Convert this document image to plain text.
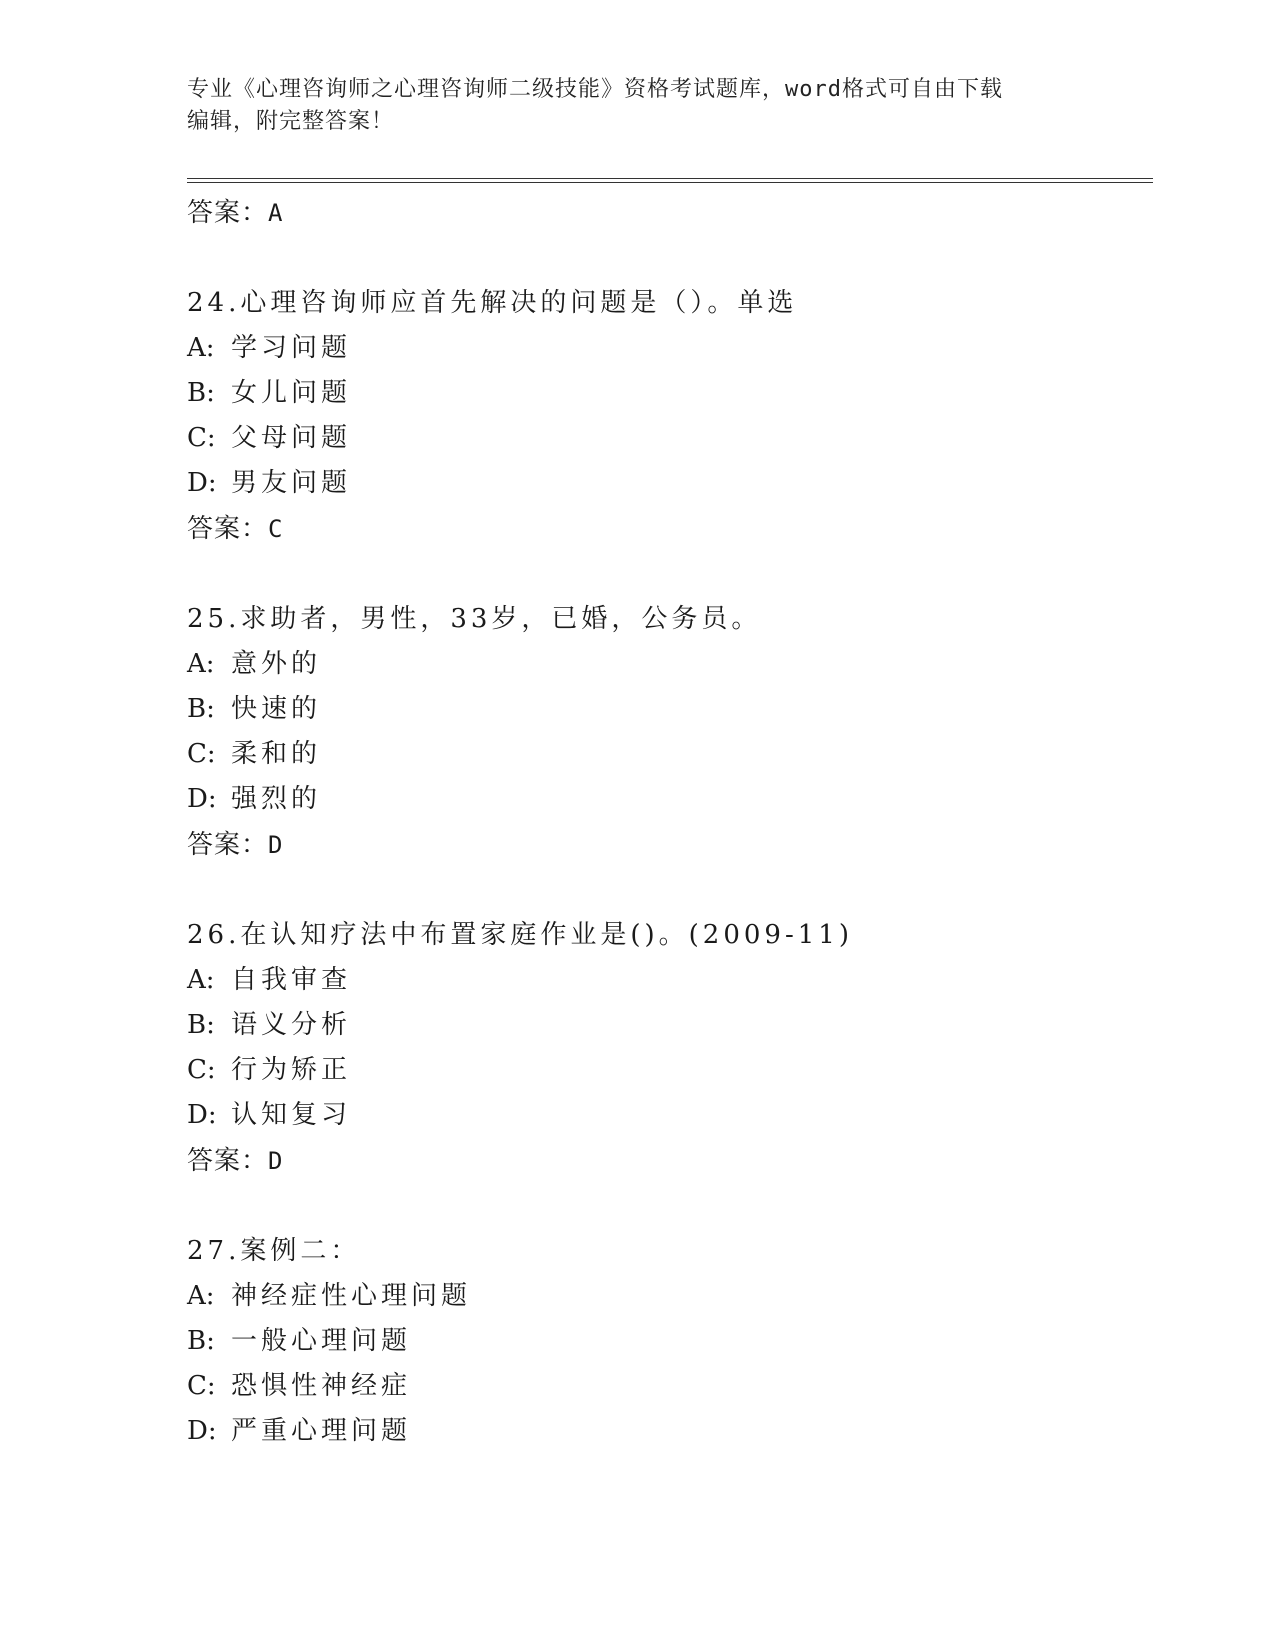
专业《心理咨询师之心理咨询师二级技能》资格考试题库，word格式可自由下载
编辑，附完整答案！
答案：A
24.心理咨询师应首先解决的问题是（）。单选
A: 学习问题
B: 女儿问题
C: 父母问题
D: 男友问题
答案：C
25.求助者，男性，33岁，已婚，公务员。
A: 意外的
B: 快速的
C: 柔和的
D: 强烈的
答案：D
26.在认知疗法中布置家庭作业是()。(2009-11)
A: 自我审查
B: 语义分析
C: 行为矫正
D: 认知复习
答案：D
27.案例二：
A: 神经症性心理问题
B: 一般心理问题
C: 恐惧性神经症
D: 严重心理问题
